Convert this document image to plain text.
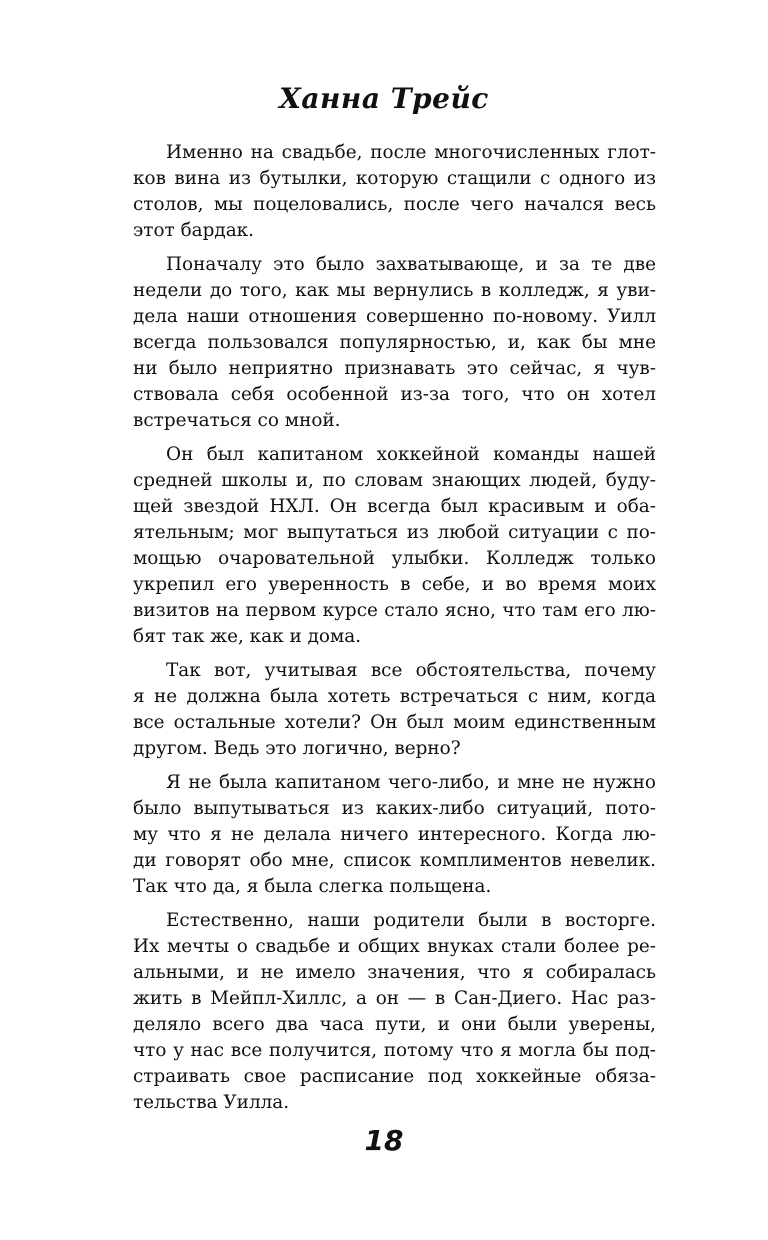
Ханна Трейс

Именно на свадьбе, после многочисленных глот-
ков вина из бутылки, которую стащили с одного из
столов, мы поцеловались, после чего начался весь
этот бардак.

Поначалу это было захватывающе, и за те две
недели до того, как мы вернулись в колледж, я уви-
дела наши отношения совершенно по-новому. Уилл
всегда пользовался популярностью, и, как бы мне
ни было неприятно признавать это сейчас, я чув-
ствовала себя особенной из-за того, что он хотел
встречаться со мной.

Он был капитаном хоккейной команды нашей
средней школы и, по словам знающих людей, буду-
щей звездой НХЛ. Он всегда был красивым и оба-
ятельным; мог выпутаться из любой ситуации с по-
мощью очаровательной улыбки. Колледж только
укрепил его уверенность в себе, и во время моих
визитов на первом курсе стало ясно, что там его лю-
бят так же, как и дома.

Так вот, учитывая все обстоятельства, почему
я не должна была хотеть встречаться с ним, когда
все остальные хотели? Он был моим единственным
другом. Ведь это логично, верно?

Я не была капитаном чего-либо, и мне не нужно
было выпутываться из каких-либо ситуаций, пото-
му что я не делала ничего интересного. Когда лю-
ди говорят обо мне, список комплиментов невелик.
Так что да, я была слегка польщена.

Естественно, наши родители были в восторге.
Их мечты о свадьбе и общих внуках стали более ре-
альными, и не имело значения, что я собиралась
жить в Мейпл-Хиллс, а он — в Сан-Диего. Нас раз-
деляло всего два часа пути, и они были уверены,
что у нас все получится, потому что я могла бы под-
страивать свое расписание под хоккейные обяза-
тельства Уилла.

18
